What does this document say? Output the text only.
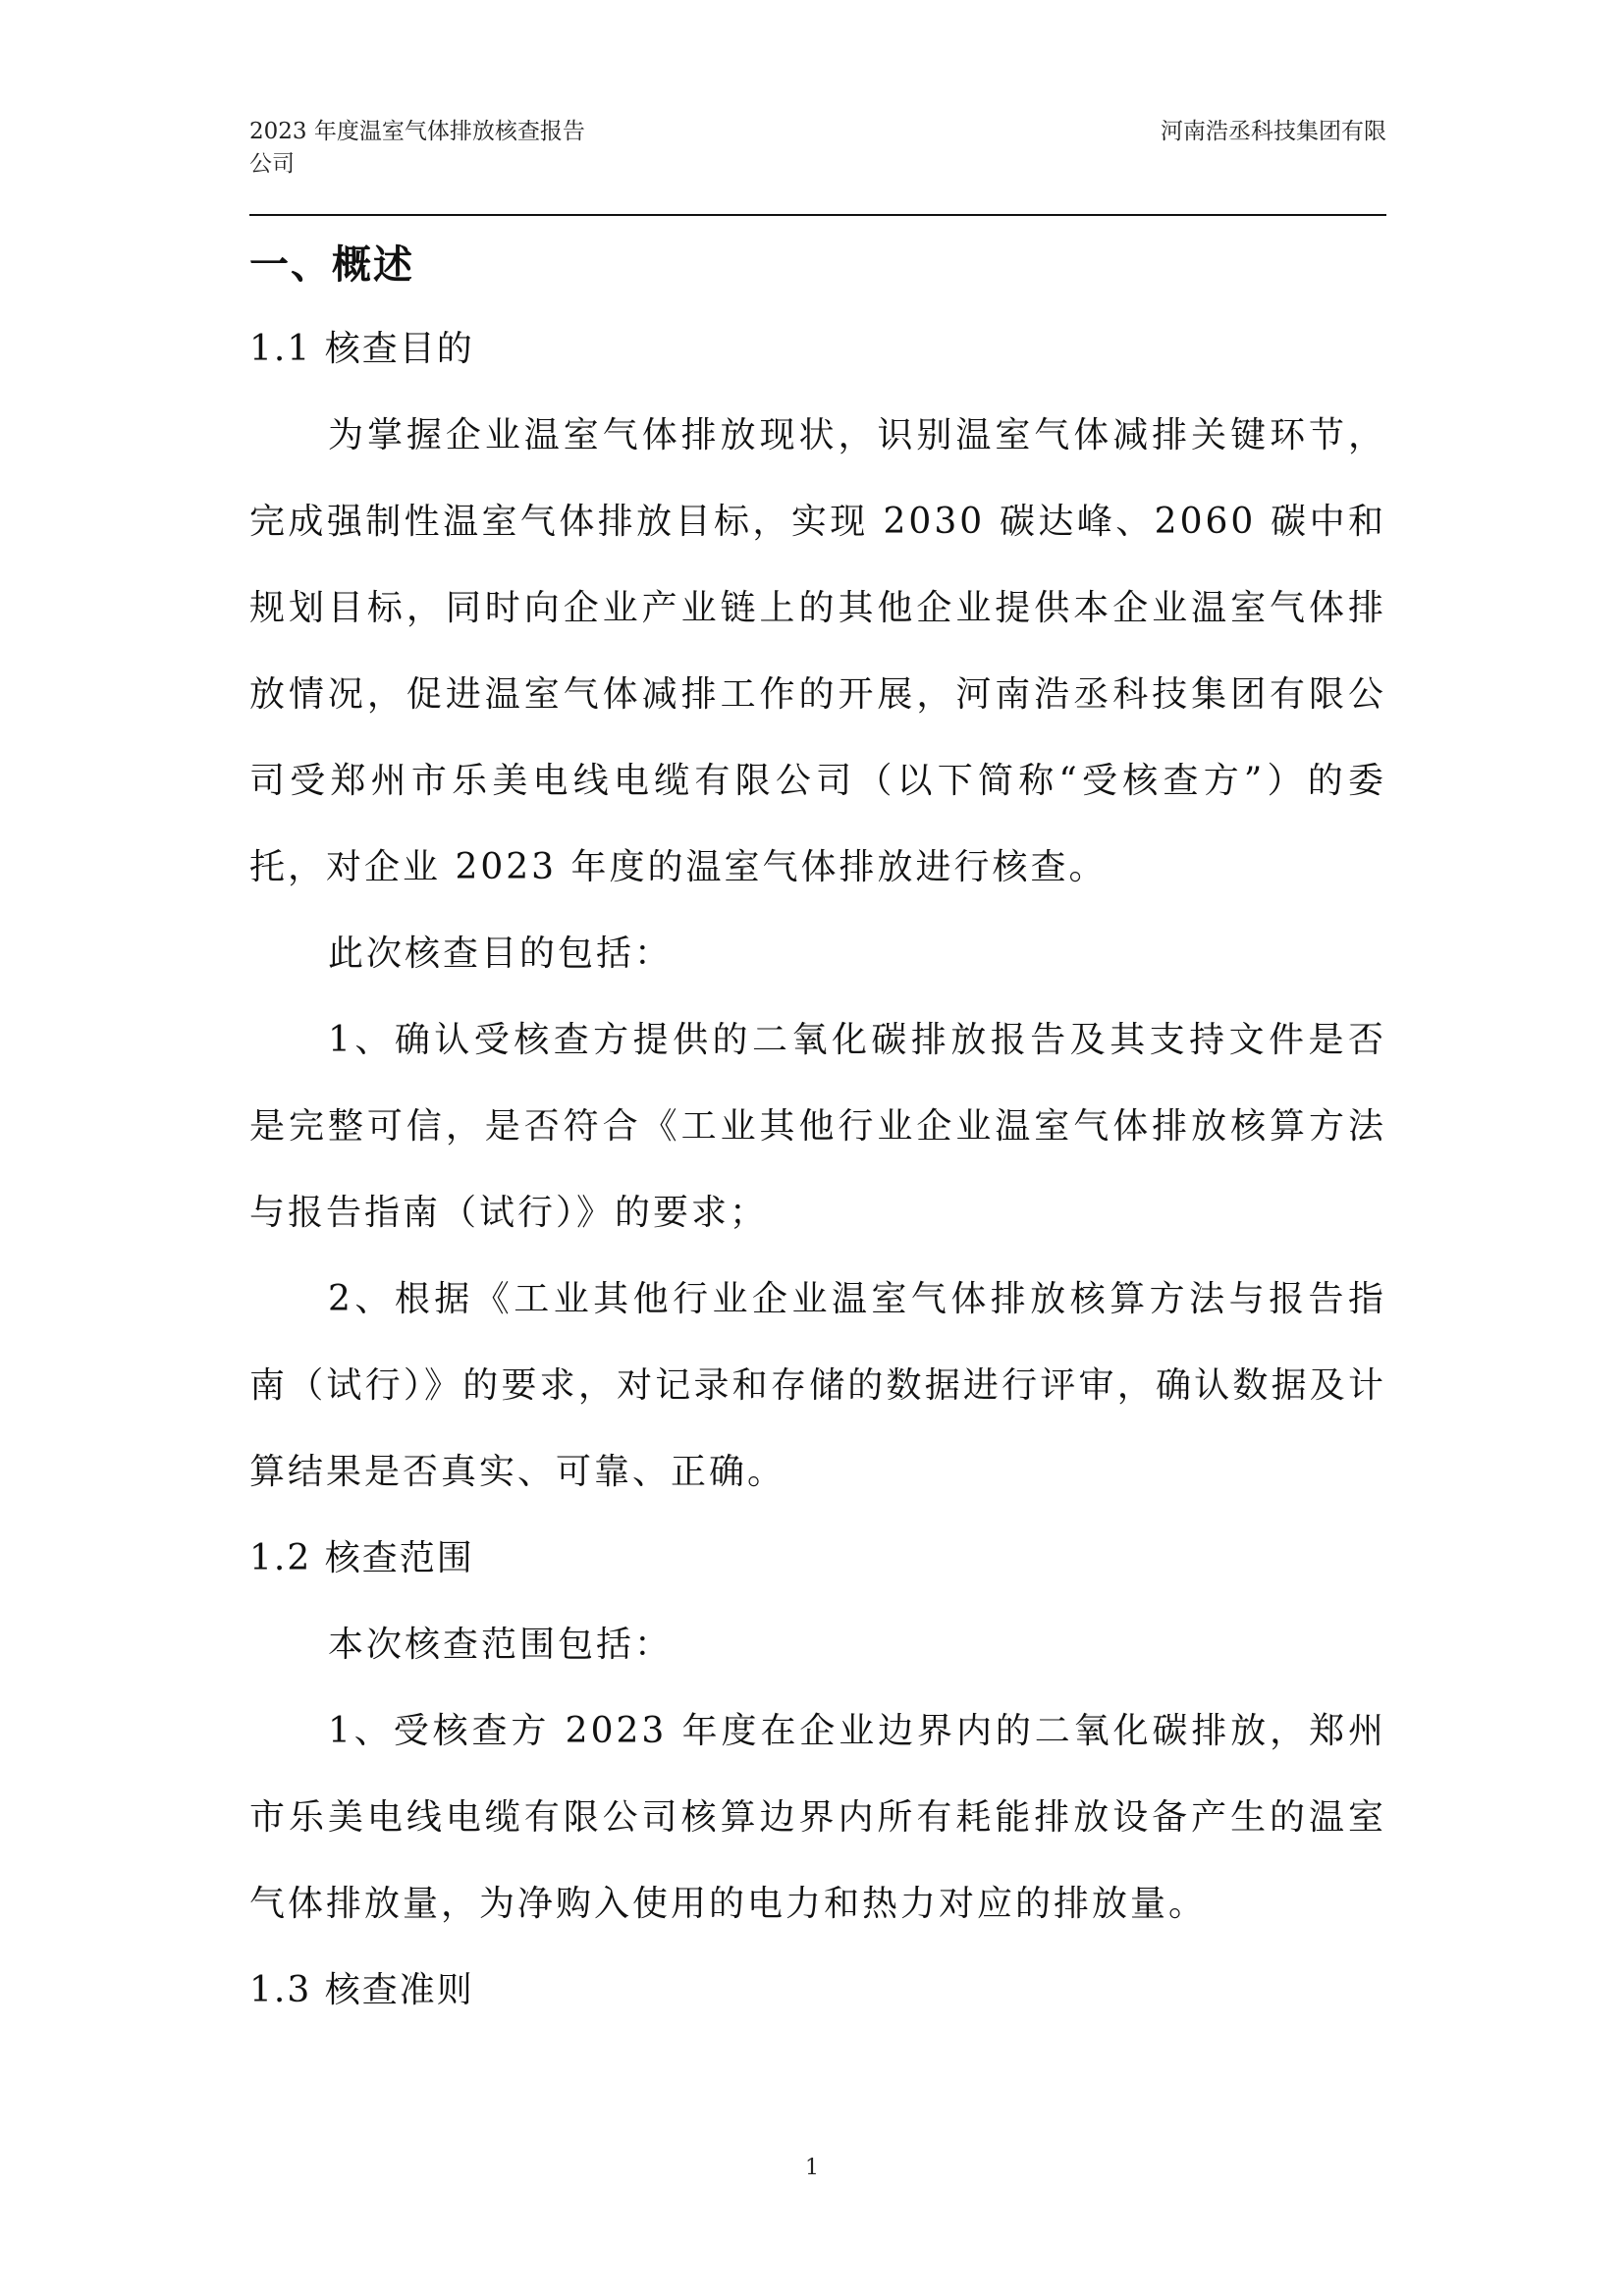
2023 年度温室气体排放核查报告
公司
河南浩丞科技集团有限
一、概述
1.1 核查目的

为掌握企业温室气体排放现状，识别温室气体减排关键环节，完成强制性温室气体排放目标，实现 2030 碳达峰、2060 碳中和规划目标，同时向企业产业链上的其他企业提供本企业温室气体排放情况，促进温室气体减排工作的开展，河南浩丞科技集团有限公司受郑州市乐美电线电缆有限公司（以下简称“受核查方”）的委托，对企业 2023 年度的温室气体排放进行核查。

此次核查目的包括：

1、确认受核查方提供的二氧化碳排放报告及其支持文件是否是完整可信，是否符合《工业其他行业企业温室气体排放核算方法与报告指南（试行）》的要求；

2、根据《工业其他行业企业温室气体排放核算方法与报告指南（试行）》的要求，对记录和存储的数据进行评审，确认数据及计算结果是否真实、可靠、正确。

1.2 核查范围

本次核查范围包括：

1、受核查方 2023 年度在企业边界内的二氧化碳排放，郑州市乐美电线电缆有限公司核算边界内所有耗能排放设备产生的温室气体排放量，为净购入使用的电力和热力对应的排放量。

1.3 核查准则
1
